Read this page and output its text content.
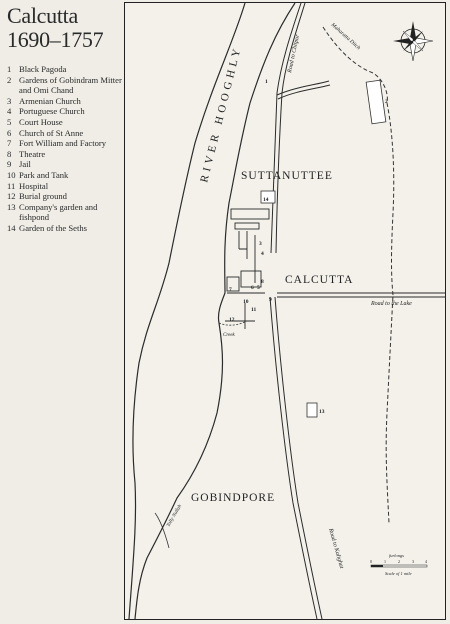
Calcutta
1690–1757
1 Black Pagoda
2 Gardens of Gobindram Mitter and Omi Chand
3 Armenian Church
4 Portuguese Church
5 Court House
6 Church of St Anne
7 Fort William and Factory
8 Theatre
9 Jail
10 Park and Tank
11 Hospital
12 Burial ground
13 Company's garden and fishpond
14 Garden of the Seths
RIVER HOOGHLY
Maharatta Ditch
Creek
Tolly Nullah
SUTTANUTTEE
CALCUTTA
GOBINDPORE
Road to Chitpur
Road to the Lake
Road to Kalighat
1
2
3
4
5
6
7
8
9
10
11
12
13
14
furlongs
0	1	2	3	4
Scale of 1 mile
